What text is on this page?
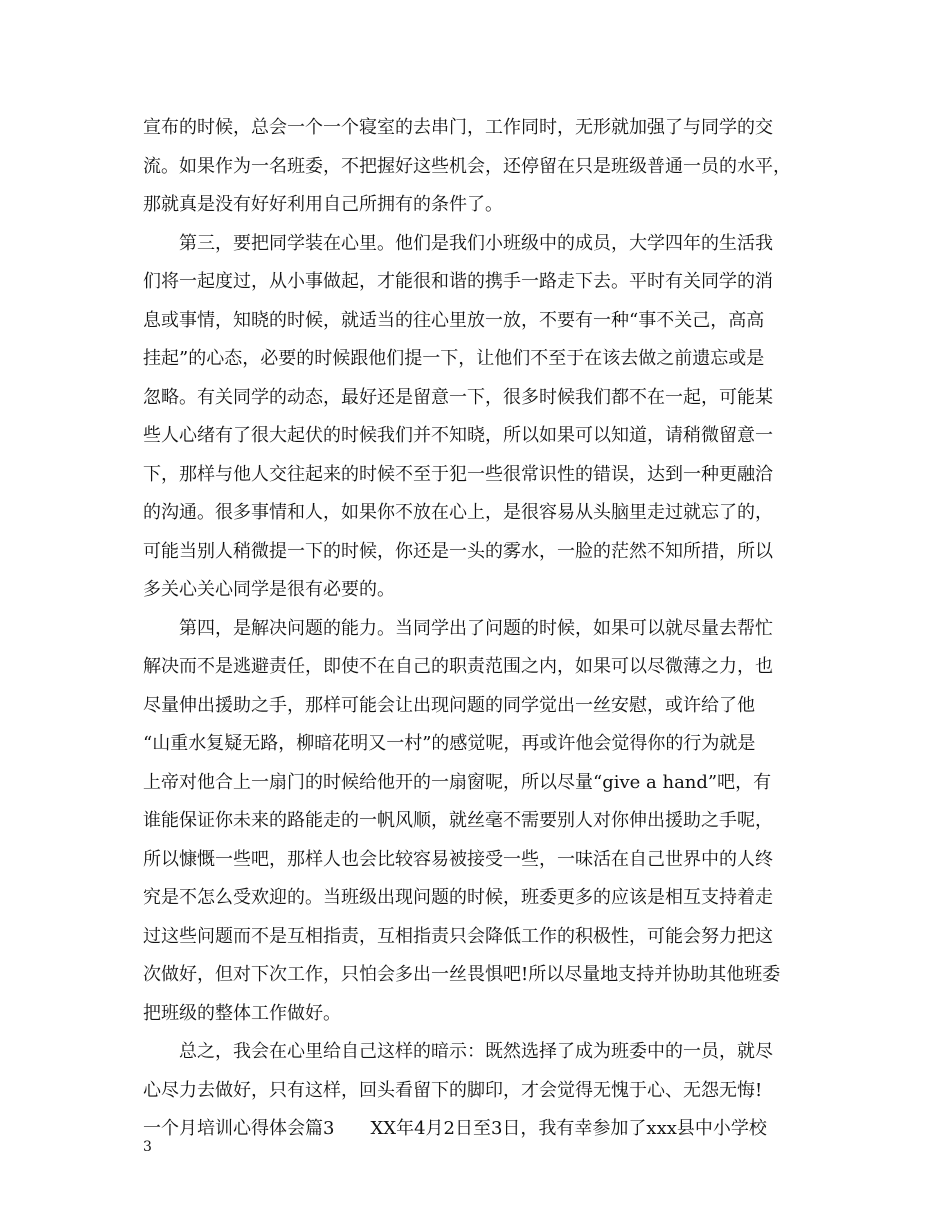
宣布的时候，总会一个一个寝室的去串门，工作同时，无形就加强了与同学的交
流。如果作为一名班委，不把握好这些机会，还停留在只是班级普通一员的水平，
那就真是没有好好利用自己所拥有的条件了。
　　第三，要把同学装在心里。他们是我们小班级中的成员，大学四年的生活我
们将一起度过，从小事做起，才能很和谐的携手一路走下去。平时有关同学的消
息或事情，知晓的时候，就适当的往心里放一放，不要有一种“事不关己，高高
挂起”的心态，必要的时候跟他们提一下，让他们不至于在该去做之前遗忘或是
忽略。有关同学的动态，最好还是留意一下，很多时候我们都不在一起，可能某
些人心绪有了很大起伏的时候我们并不知晓，所以如果可以知道，请稍微留意一
下，那样与他人交往起来的时候不至于犯一些很常识性的错误，达到一种更融洽
的沟通。很多事情和人，如果你不放在心上，是很容易从头脑里走过就忘了的，
可能当别人稍微提一下的时候，你还是一头的雾水，一脸的茫然不知所措，所以
多关心关心同学是很有必要的。
　　第四，是解决问题的能力。当同学出了问题的时候，如果可以就尽量去帮忙
解决而不是逃避责任，即使不在自己的职责范围之内，如果可以尽微薄之力，也
尽量伸出援助之手，那样可能会让出现问题的同学觉出一丝安慰，或许给了他
“山重水复疑无路，柳暗花明又一村”的感觉呢，再或许他会觉得你的行为就是
上帝对他合上一扇门的时候给他开的一扇窗呢，所以尽量“give a hand”吧，有
谁能保证你未来的路能走的一帆风顺，就丝毫不需要别人对你伸出援助之手呢，
所以慷慨一些吧，那样人也会比较容易被接受一些，一味活在自己世界中的人终
究是不怎么受欢迎的。当班级出现问题的时候，班委更多的应该是相互支持着走
过这些问题而不是互相指责，互相指责只会降低工作的积极性，可能会努力把这
次做好，但对下次工作，只怕会多出一丝畏惧吧!所以尽量地支持并协助其他班委
把班级的整体工作做好。
　　总之，我会在心里给自己这样的暗示：既然选择了成为班委中的一员，就尽
心尽力去做好，只有这样，回头看留下的脚印，才会觉得无愧于心、无怨无悔!
一个月培训心得体会篇3　　XX年4月2日至3日，我有幸参加了xxx县中小学校
3
